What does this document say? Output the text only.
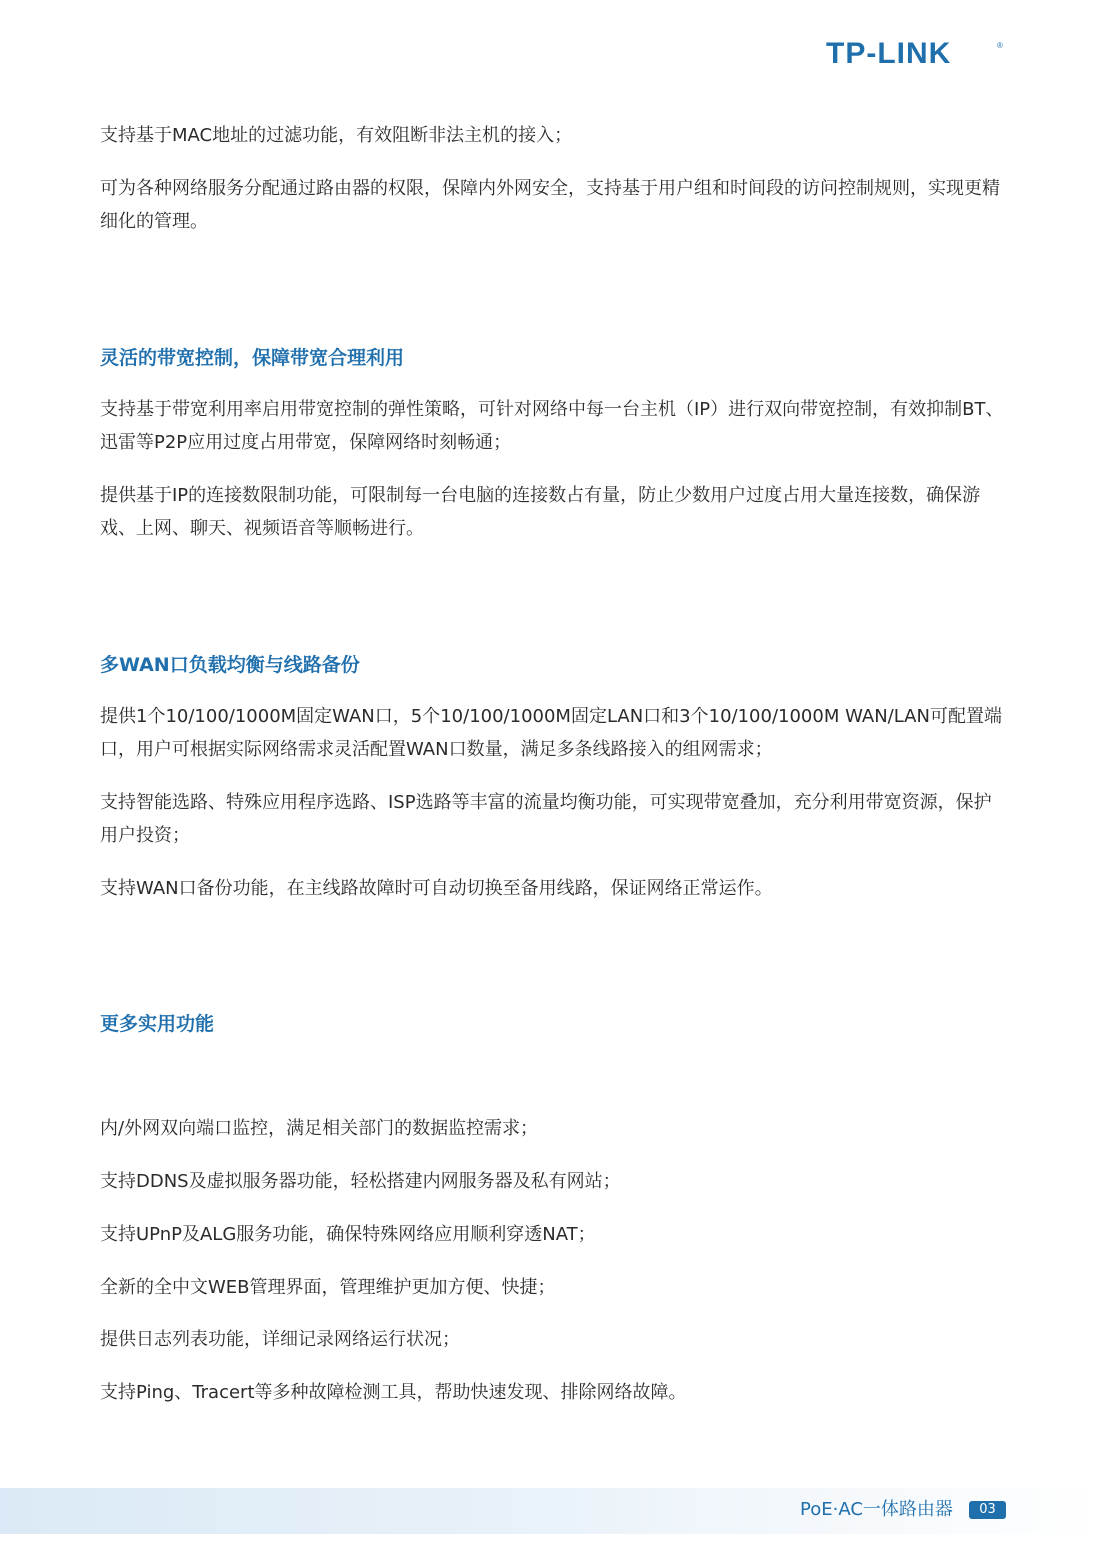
TP-LINK	®

支持基于MAC地址的过滤功能，有效阻断非法主机的接入；

可为各种网络服务分配通过路由器的权限，保障内外网安全，支持基于用户组和时间段的访问控制规则，实现更精细化的管理。

灵活的带宽控制，保障带宽合理利用

支持基于带宽利用率启用带宽控制的弹性策略，可针对网络中每一台主机（IP）进行双向带宽控制，有效抑制BT、迅雷等P2P应用过度占用带宽，保障网络时刻畅通；

提供基于IP的连接数限制功能，可限制每一台电脑的连接数占有量，防止少数用户过度占用大量连接数，确保游戏、上网、聊天、视频语音等顺畅进行。

多WAN口负载均衡与线路备份

提供1个10/100/1000M固定WAN口，5个10/100/1000M固定LAN口和3个10/100/1000M WAN/LAN可配置端口，用户可根据实际网络需求灵活配置WAN口数量，满足多条线路接入的组网需求；

支持智能选路、特殊应用程序选路、ISP选路等丰富的流量均衡功能，可实现带宽叠加，充分利用带宽资源，保护用户投资；

支持WAN口备份功能，在主线路故障时可自动切换至备用线路，保证网络正常运作。

更多实用功能

内/外网双向端口监控，满足相关部门的数据监控需求；

支持DDNS及虚拟服务器功能，轻松搭建内网服务器及私有网站；

支持UPnP及ALG服务功能，确保特殊网络应用顺利穿透NAT；

全新的全中文WEB管理界面，管理维护更加方便、快捷；

提供日志列表功能，详细记录网络运行状况；

支持Ping、Tracert等多种故障检测工具，帮助快速发现、排除网络故障。

PoE·AC一体路由器	03
